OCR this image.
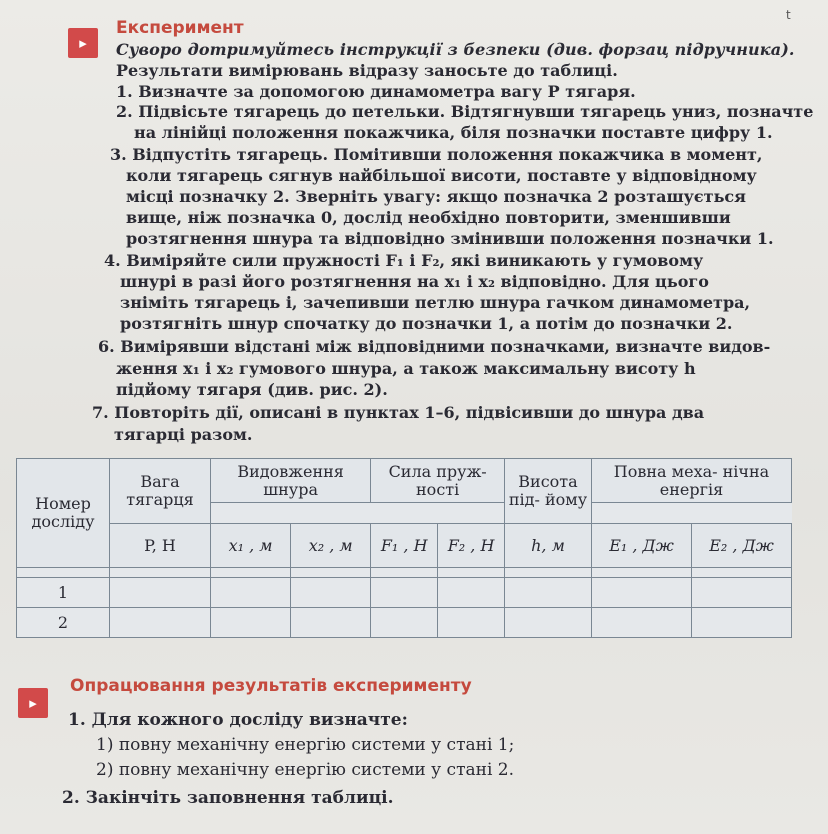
▸
Експеримент
t
Суворо дотримуйтесь інструкції з безпеки (див. форзац підручника).
Результати вимірювань відразу заносьте до таблиці.
1. Визначте за допомогою динамометра вагу P тягаря.
2. Підвісьте тягарець до петельки. Відтягнувши тягарець униз, позначте
на лінійці положення покажчика, біля позначки поставте цифру 1.
3. Відпустіть тягарець. Помітивши положення покажчика в момент,
коли тягарець сягнув найбільшої висоти, поставте у відповідному
місці позначку 2. Зверніть увагу: якщо позначка 2 розташується
вище, ніж позначка 0, дослід необхідно повторити, зменшивши
розтягнення шнура та відповідно змінивши положення позначки 1.
4. Виміряйте сили пружності F₁ і F₂, які виникають у гумовому
шнурі в разі його розтягнення на x₁ і x₂ відповідно. Для цього
зніміть тягарець і, зачепивши петлю шнура гачком динамометра,
розтягніть шнур спочатку до позначки 1, а потім до позначки 2.
6. Вимірявши відстані між відповідними позначками, визначте видов-
ження x₁ і x₂ гумового шнура, а також максимальну висоту h
підйому тягаря (див. рис. 2).
7. Повторіть дії, описані в пунктах 1–6, підвісивши до шнура два
тягарці разом.
Номер досліду	Вага тягарця	Видовження шнура		Сила пруж- ності		Висота під- йому	Повна меха- нічна енергія	

	P, Н	x₁ , м	x₂ , м	F₁ , Н	F₂ , Н	h, м	E₁ , Дж	E₂ , Дж

1								
2								
▸
Опрацювання результатів експерименту
1. Для кожного досліду визначте:
1) повну механічну енергію системи у стані 1;
2) повну механічну енергію системи у стані 2.
2. Закінчіть заповнення таблиці.
